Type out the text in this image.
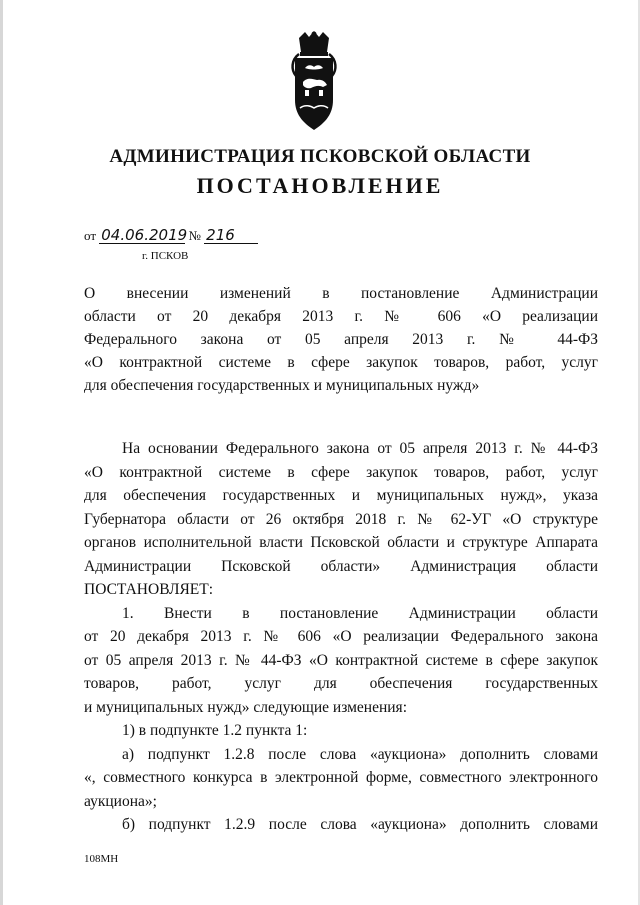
АДМИНИСТРАЦИЯ ПСКОВСКОЙ ОБЛАСТИ
ПОСТАНОВЛЕНИЕ
от 04.06.2019 № 216
г. ПСКОВ
О внесении изменений в постановление Администрации
области от 20 декабря 2013 г. № 606 «О реализации
Федерального закона от 05 апреля 2013 г. № 44-ФЗ
«О контрактной системе в сфере закупок товаров, работ, услуг
для обеспечения государственных и муниципальных нужд»
На основании Федерального закона от 05 апреля 2013 г. № 44-ФЗ
«О контрактной системе в сфере закупок товаров, работ, услуг
для обеспечения государственных и муниципальных нужд», указа
Губернатора области от 26 октября 2018 г. № 62-УГ «О структуре
органов исполнительной власти Псковской области и структуре Аппарата
Администрации Псковской области» Администрация области
ПОСТАНОВЛЯЕТ:
1. Внести в постановление Администрации области
от 20 декабря 2013 г. № 606 «О реализации Федерального закона
от 05 апреля 2013 г. № 44-ФЗ «О контрактной системе в сфере закупок
товаров, работ, услуг для обеспечения государственных
и муниципальных нужд» следующие изменения:
1) в подпункте 1.2 пункта 1:
а) подпункт 1.2.8 после слова «аукциона» дополнить словами
«, совместного конкурса в электронной форме, совместного электронного
аукциона»;
б) подпункт 1.2.9 после слова «аукциона» дополнить словами
108МН
